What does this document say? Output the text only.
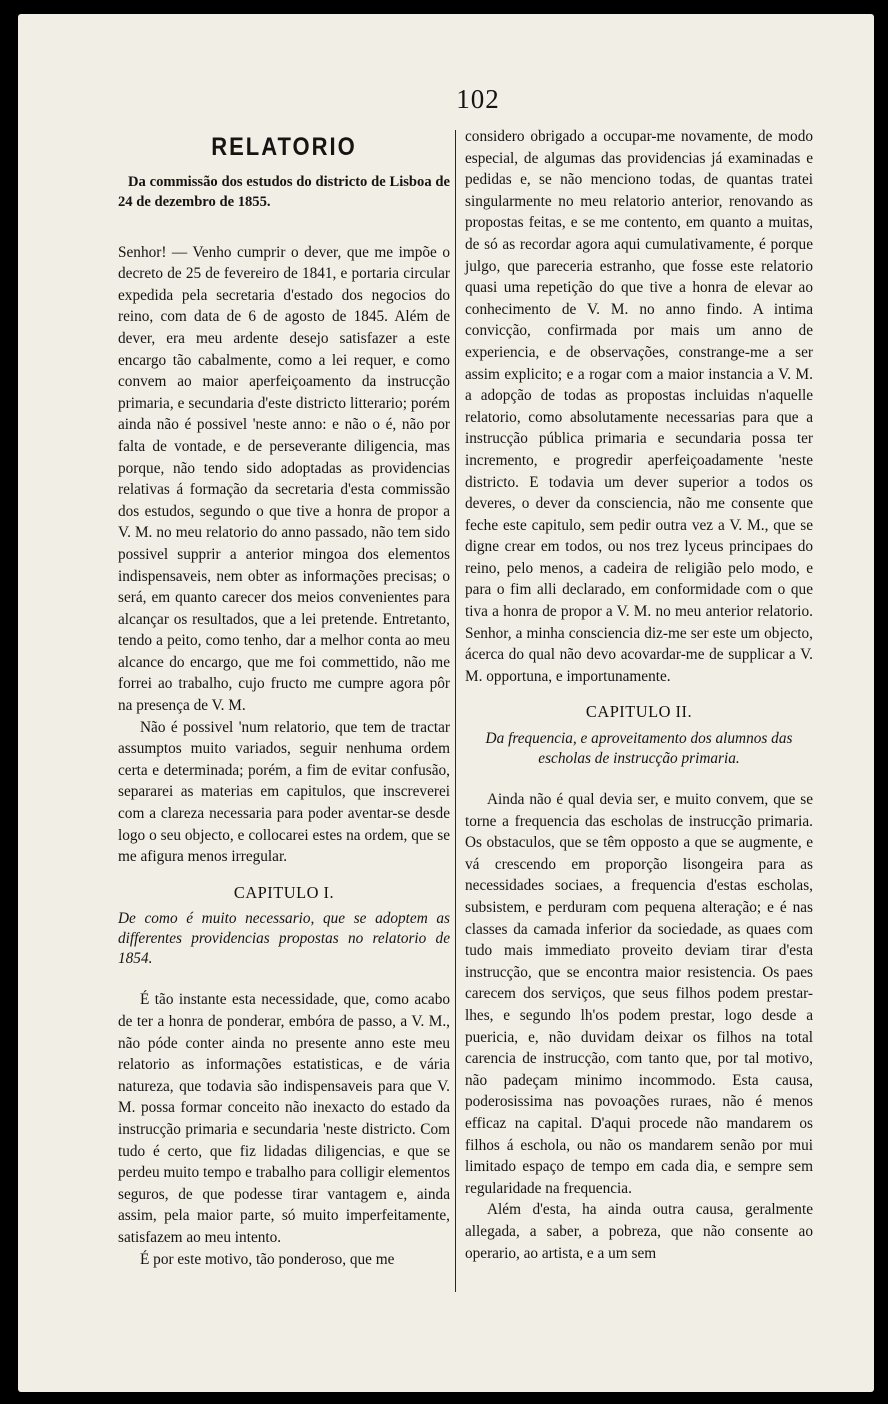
102
RELATORIO
Da commissão dos estudos do districto de Lisboa de 24 de dezembro de 1855.

Senhor! — Venho cumprir o dever, que me impõe o decreto de 25 de fevereiro de 1841, e portaria circular expedida pela secretaria d'estado dos negocios do reino, com data de 6 de agosto de 1845. Além de dever, era meu ardente desejo satisfazer a este encargo tão cabalmente, como a lei requer, e como convem ao maior aperfeiçoamento da instrucção primaria, e secundaria d'este districto litterario; porém ainda não é possivel 'neste anno: e não o é, não por falta de vontade, e de perseverante diligencia, mas porque, não tendo sido adoptadas as providencias relativas á formação da secretaria d'esta commissão dos estudos, segundo o que tive a honra de propor a V. M. no meu relatorio do anno passado, não tem sido possivel supprir a anterior mingoa dos elementos indispensaveis, nem obter as informações precisas; o será, em quanto carecer dos meios convenientes para alcançar os resultados, que a lei pretende. Entretanto, tendo a peito, como tenho, dar a melhor conta ao meu alcance do encargo, que me foi commettido, não me forrei ao trabalho, cujo fructo me cumpre agora pôr na presença de V. M.

Não é possivel 'num relatorio, que tem de tractar assumptos muito variados, seguir nenhuma ordem certa e determinada; porém, a fim de evitar confusão, separarei as materias em capitulos, que inscreverei com a clareza necessaria para poder aventar-se desde logo o seu objecto, e collocarei estes na ordem, que se me afigura menos irregular.

CAPITULO I.
De como é muito necessario, que se adoptem as differentes providencias propostas no relatorio de 1854.

É tão instante esta necessidade, que, como acabo de ter a honra de ponderar, embóra de passo, a V. M., não póde conter ainda no presente anno este meu relatorio as informações estatisticas, e de vária natureza, que todavia são indispensaveis para que V. M. possa formar conceito não inexacto do estado da instrucção primaria e secundaria 'neste districto. Com tudo é certo, que fiz lidadas diligencias, e que se perdeu muito tempo e trabalho para colligir elementos seguros, de que podesse tirar vantagem e, ainda assim, pela maior parte, só muito imperfeitamente, satisfazem ao meu intento.

É por este motivo, tão ponderoso, que me

considero obrigado a occupar-me novamente, de modo especial, de algumas das providencias já examinadas e pedidas e, se não menciono todas, de quantas tratei singularmente no meu relatorio anterior, renovando as propostas feitas, e se me contento, em quanto a muitas, de só as recordar agora aqui cumulativamente, é porque julgo, que pareceria estranho, que fosse este relatorio quasi uma repetição do que tive a honra de elevar ao conhecimento de V. M. no anno findo. A intima convicção, confirmada por mais um anno de experiencia, e de observações, constrange-me a ser assim explicito; e a rogar com a maior instancia a V. M. a adopção de todas as propostas incluidas n'aquelle relatorio, como absolutamente necessarias para que a instrucção pública primaria e secundaria possa ter incremento, e progredir aperfeiçoadamente 'neste districto. E todavia um dever superior a todos os deveres, o dever da consciencia, não me consente que feche este capitulo, sem pedir outra vez a V. M., que se digne crear em todos, ou nos trez lyceus principaes do reino, pelo menos, a cadeira de religião pelo modo, e para o fim alli declarado, em conformidade com o que tiva a honra de propor a V. M. no meu anterior relatorio. Senhor, a minha consciencia diz-me ser este um objecto, ácerca do qual não devo acovardar-me de supplicar a V. M. opportuna, e importunamente.

CAPITULO II.
Da frequencia, e aproveitamento dos alumnos das escholas de instrucção primaria.

Ainda não é qual devia ser, e muito convem, que se torne a frequencia das escholas de instrucção primaria. Os obstaculos, que se têm opposto a que se augmente, e vá crescendo em proporção lisongeira para as necessidades sociaes, a frequencia d'estas escholas, subsistem, e perduram com pequena alteração; e é nas classes da camada inferior da sociedade, as quaes com tudo mais immediato proveito deviam tirar d'esta instrucção, que se encontra maior resistencia. Os paes carecem dos serviços, que seus filhos podem prestar-lhes, e segundo lh'os podem prestar, logo desde a puericia, e, não duvidam deixar os filhos na total carencia de instrucção, com tanto que, por tal motivo, não padeçam minimo incommodo. Esta causa, poderosissima nas povoações ruraes, não é menos efficaz na capital. D'aqui procede não mandarem os filhos á eschola, ou não os mandarem senão por mui limitado espaço de tempo em cada dia, e sempre sem regularidade na frequencia.

Além d'esta, ha ainda outra causa, geralmente allegada, a saber, a pobreza, que não consente ao operario, ao artista, e a um sem
